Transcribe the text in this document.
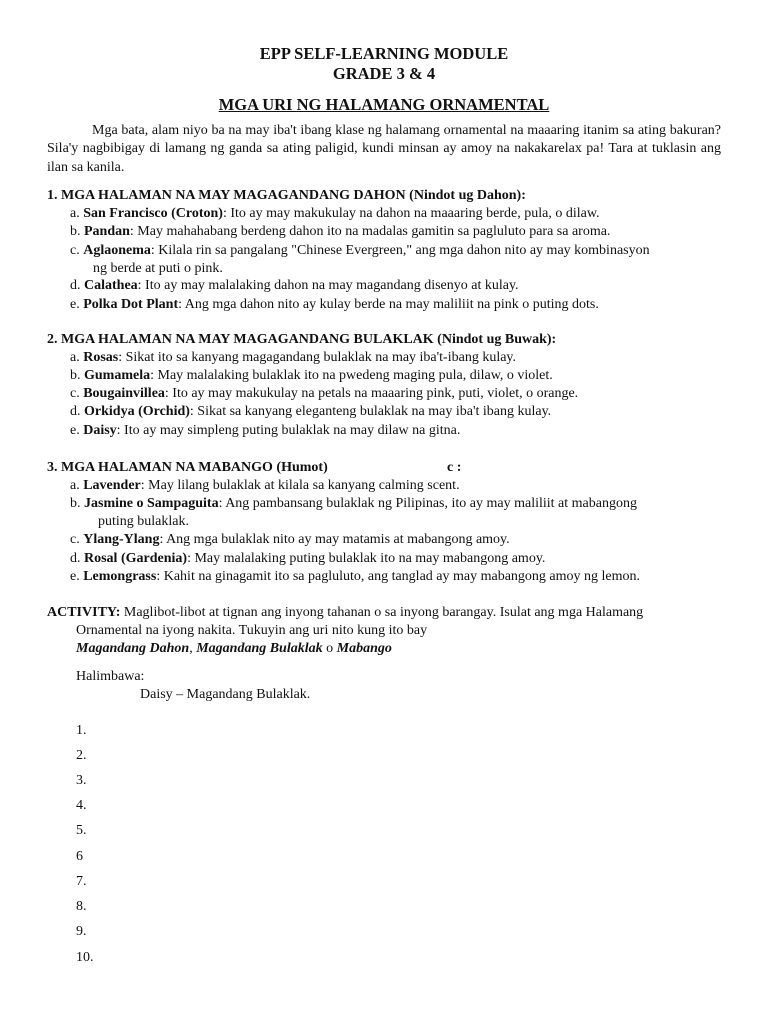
EPP SELF-LEARNING MODULE
GRADE 3 & 4
MGA URI NG HALAMANG ORNAMENTAL

Mga bata, alam niyo ba na may iba't ibang klase ng halamang ornamental na maaaring itanim sa ating bakuran? Sila'y nagbibigay di lamang ng ganda sa ating paligid, kundi minsan ay amoy na nakakarelax pa! Tara at tuklasin ang ilan sa kanila.

1. MGA HALAMAN NA MAY MAGAGANDANG DAHON (Nindot ug Dahon):
a. San Francisco (Croton): Ito ay may makukulay na dahon na maaaring berde, pula, o dilaw.
b. Pandan: May mahahabang berdeng dahon ito na madalas gamitin sa pagluluto para sa aroma.
c. Aglaonema: Kilala rin sa pangalang "Chinese Evergreen," ang mga dahon nito ay may kombinasyon
ng berde at puti o pink.
d. Calathea: Ito ay may malalaking dahon na may magandang disenyo at kulay.
e. Polka Dot Plant: Ang mga dahon nito ay kulay berde na may maliliit na pink o puting dots.
2. MGA HALAMAN NA MAY MAGAGANDANG BULAKLAK (Nindot ug Buwak):
a. Rosas: Sikat ito sa kanyang magagandang bulaklak na may iba't-ibang kulay.
b. Gumamela: May malalaking bulaklak ito na pwedeng maging pula, dilaw, o violet.
c. Bougainvillea: Ito ay may makukulay na petals na maaaring pink, puti, violet, o orange.
d. Orkidya (Orchid): Sikat sa kanyang eleganteng bulaklak na may iba't ibang kulay.
e. Daisy: Ito ay may simpleng puting bulaklak na may dilaw na gitna.
3. MGA HALAMAN NA MABANGO (Humot)	c :
a. Lavender: May lilang bulaklak at kilala sa kanyang calming scent.
b. Jasmine o Sampaguita: Ang pambansang bulaklak ng Pilipinas, ito ay may maliliit at mabangong
puting bulaklak.
c. Ylang-Ylang: Ang mga bulaklak nito ay may matamis at mabangong amoy.
d. Rosal (Gardenia): May malalaking puting bulaklak ito na may mabangong amoy.
e. Lemongrass: Kahit na ginagamit ito sa pagluluto, ang tanglad ay may mabangong amoy ng lemon.
ACTIVITY: Maglibot-libot at tignan ang inyong tahanan o sa inyong barangay. Isulat ang mga Halamang
Ornamental na iyong nakita. Tukuyin ang uri nito kung ito bay
Magandang Dahon, Magandang Bulaklak o Mabango
Halimbawa:
Daisy – Magandang Bulaklak.
1.
2.
3.
4.
5.
6
7.
8.
9.
10.
